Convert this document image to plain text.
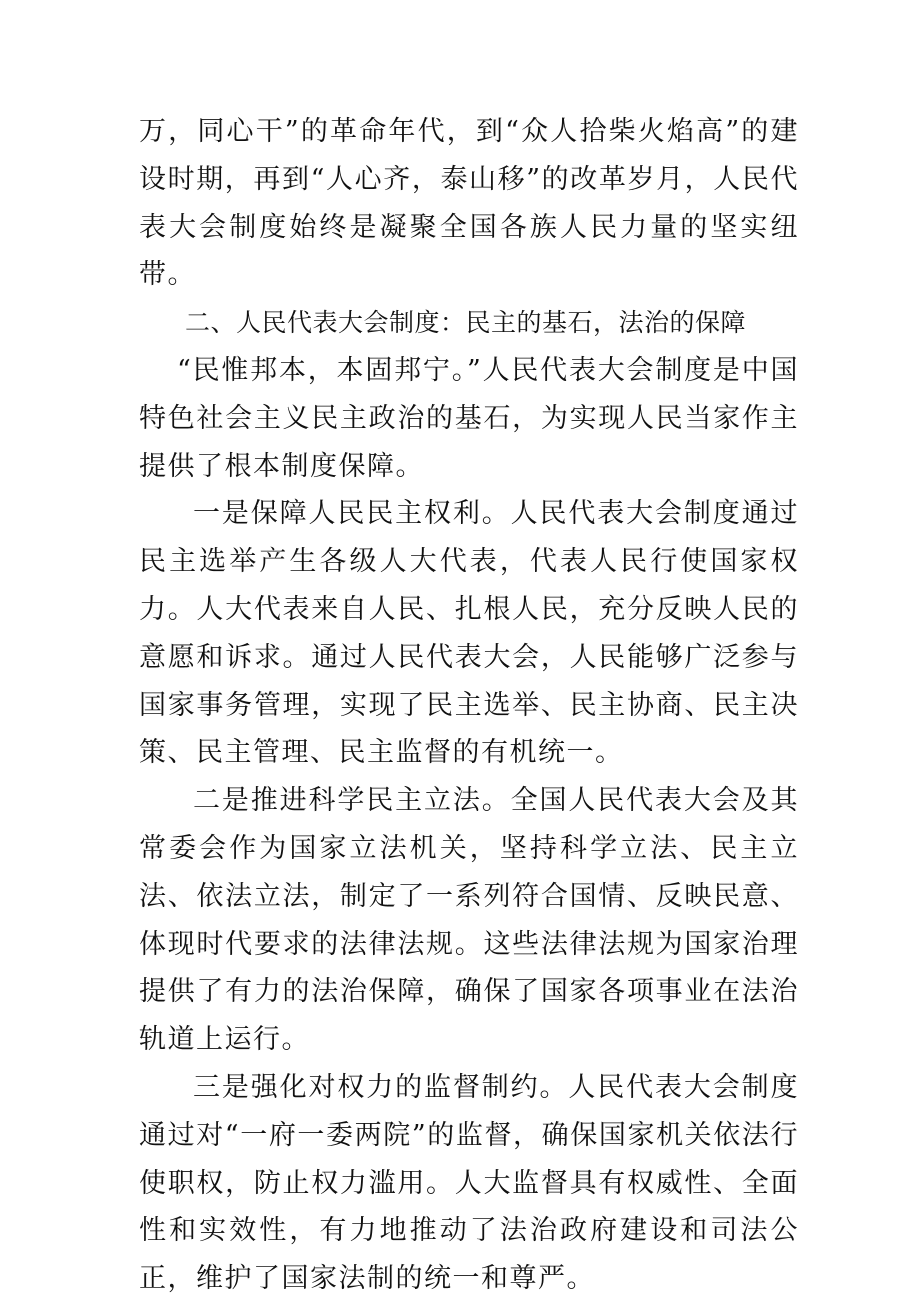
万，同心干”的革命年代，到“众人拾柴火焰高”的建设时期，再到“人心齐，泰山移”的改革岁月，人民代表大会制度始终是凝聚全国各族人民力量的坚实纽带。

二、人民代表大会制度：民主的基石，法治的保障

“民惟邦本，本固邦宁。”人民代表大会制度是中国特色社会主义民主政治的基石，为实现人民当家作主提供了根本制度保障。

一是保障人民民主权利。人民代表大会制度通过民主选举产生各级人大代表，代表人民行使国家权力。人大代表来自人民、扎根人民，充分反映人民的意愿和诉求。通过人民代表大会，人民能够广泛参与国家事务管理，实现了民主选举、民主协商、民主决策、民主管理、民主监督的有机统一。

二是推进科学民主立法。全国人民代表大会及其常委会作为国家立法机关，坚持科学立法、民主立法、依法立法，制定了一系列符合国情、反映民意、体现时代要求的法律法规。这些法律法规为国家治理提供了有力的法治保障，确保了国家各项事业在法治轨道上运行。

三是强化对权力的监督制约。人民代表大会制度通过对“一府一委两院”的监督，确保国家机关依法行使职权，防止权力滥用。人大监督具有权威性、全面性和实效性，有力地推动了法治政府建设和司法公正，维护了国家法制的统一和尊严。
